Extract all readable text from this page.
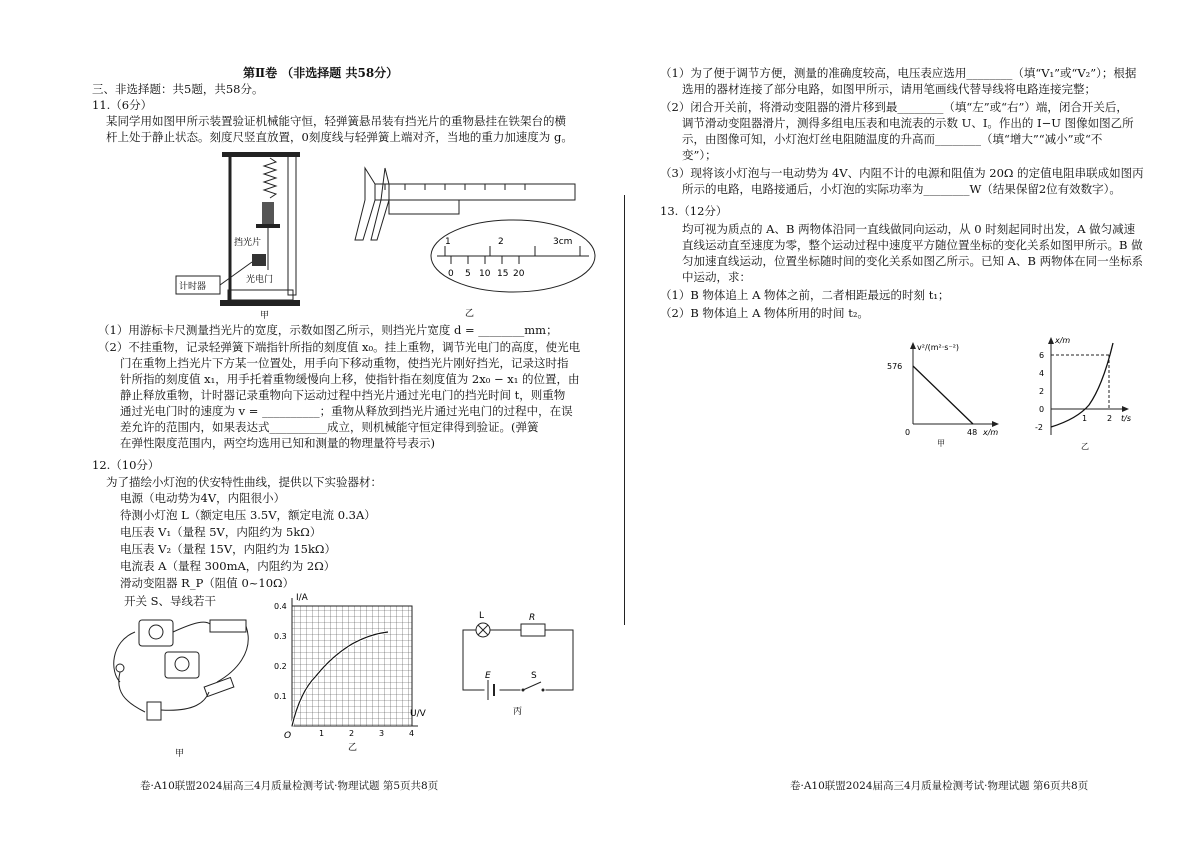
第Ⅱ卷 （非选择题 共58分）
三、非选择题：共5题，共58分。
11.（6分）
某同学用如图甲所示装置验证机械能守恒，轻弹簧悬吊装有挡光片的重物悬挂在铁架台的横
杆上处于静止状态。刻度尺竖直放置，0刻度线与轻弹簧上端对齐，当地的重力加速度为 g。
挡光片
计时器
光电门
甲
1	2	3cm
0 5 10 15 20
乙
（1）用游标卡尺测量挡光片的宽度，示数如图乙所示，则挡光片宽度 d = ________mm；
（2）不挂重物，记录轻弹簧下端指针所指的刻度值 x₀。挂上重物，调节光电门的高度，使光电
门在重物上挡光片下方某一位置处，用手向下移动重物，使挡光片刚好挡光，记录这时指
针所指的刻度值 x₁，用手托着重物缓慢向上移，使指针指在刻度值为 2x₀ − x₁ 的位置，由
静止释放重物，计时器记录重物向下运动过程中挡光片通过光电门的挡光时间 t，则重物
通过光电门时的速度为 v = __________；重物从释放到挡光片通过光电门的过程中，在误
差允许的范围内，如果表达式__________成立，则机械能守恒定律得到验证。(弹簧
在弹性限度范围内，两空均选用已知和测量的物理量符号表示)
12.（10分）
为了描绘小灯泡的伏安特性曲线，提供以下实验器材：
电源（电动势为4V，内阻很小）
待测小灯泡 L（额定电压 3.5V，额定电流 0.3A）
电压表 V₁（量程 5V，内阻约为 5kΩ）
电压表 V₂（量程 15V，内阻约为 15kΩ）
电流表 A（量程 300mA，内阻约为 2Ω）
滑动变阻器 R_P（阻值 0~10Ω）
开关 S、导线若干
甲
I/A
U/V
0.1
0.2
0.3
0.4
1	2	3	4
O
乙
L	R
E	S
丙
卷·A10联盟2024届高三4月质量检测考试·物理试题 第5页共8页
（1）为了便于调节方便，测量的准确度较高，电压表应选用________（填“V₁”或“V₂”）；根据
选用的器材连接了部分电路，如图甲所示，请用笔画线代替导线将电路连接完整；
（2）闭合开关前，将滑动变阻器的滑片移到最________（填“左”或“右”）端，闭合开关后，
调节滑动变阻器滑片，测得多组电压表和电流表的示数 U、I。作出的 I−U 图像如图乙所
示，由图像可知，小灯泡灯丝电阻随温度的升高而________（填“增大”“减小”或“不
变”）；
（3）现将该小灯泡与一电动势为 4V、内阻不计的电源和阻值为 20Ω 的定值电阻串联成如图丙
所示的电路，电路接通后，小灯泡的实际功率为________W（结果保留2位有效数字）。
13.（12分）
均可视为质点的 A、B 两物体沿同一直线做同向运动，从 0 时刻起同时出发，A 做匀减速
直线运动直至速度为零，整个运动过程中速度平方随位置坐标的变化关系如图甲所示。B 做
匀加速直线运动，位置坐标随时间的变化关系如图乙所示。已知 A、B 两物体在同一坐标系
中运动，求：
（1）B 物体追上 A 物体之前，二者相距最远的时刻 t₁；
（2）B 物体追上 A 物体所用的时间 t₂。
v²/(m²·s⁻²)
576
48 x/m
0
甲
x/m
6
4
2
0
-2
1 2 t/s
乙
卷·A10联盟2024届高三4月质量检测考试·物理试题 第6页共8页
